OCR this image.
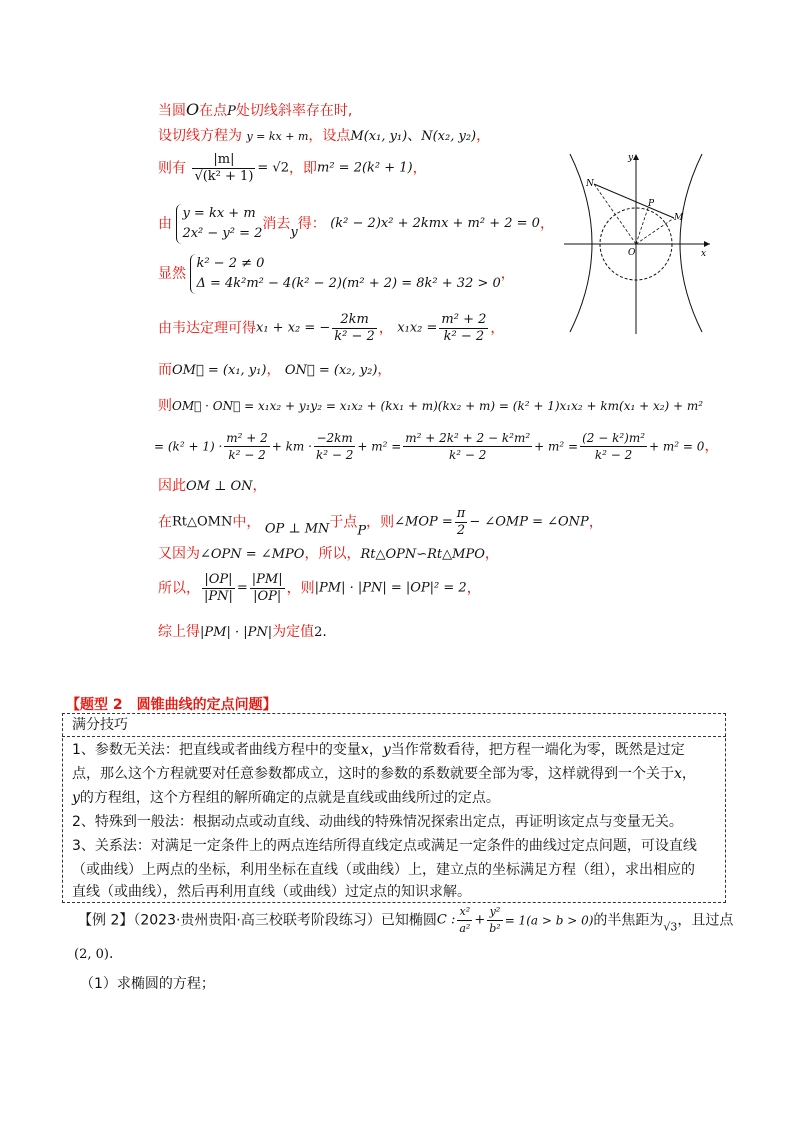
当圆O在点P处切线斜率存在时,
设切线方程为 y = kx + m，设点M(x₁, y₁)、N(x₂, y₂)，
则有 $\frac{|m|}{\text{√(k² + 1)}} = √2$，即m² = 2(k² + 1)，
由
y = kx + m
2x² − y² = 2
消去y得： (k² − 2)x² + 2kmx + m² + 2 = 0，
显然
k² − 2 ≠ 0
Δ = 4k²m² − 4(k² − 2)(m² + 2) = 8k² + 32 > 0
，
由韦达定理可得x₁ + x₂ = − $\frac{2km}{\text{k² − 2}}$ ， $x_1x_2 = \frac{\text{m² + 2}}{\text{k² − 2}}$ ，
而OM⃗ = (x₁, y₁)， ON⃗ = (x₂, y₂)，
则OM⃗ · ON⃗ = x₁x₂ + y₁y₂ = x₁x₂ + (kx₁ + m)(kx₂ + m) = (k² + 1)x₁x₂ + km(x₁ + x₂) + m²
= $(k^2 + 1) \cdot \frac{\text{m² + 2}}{\text{k² − 2}}$ + km · $\frac{-2km}{\text{k² − 2}} + m^2 = \frac{\text{m² + 2k² + 2 − k²m²}}{\text{k² − 2}} + m^2 = \frac{\text{(2 − k²)m²}}{\text{k² − 2}} + m^2 = 0$，
因此OM ⊥ ON，
在Rt△OMN中， OP ⊥ MN于点P，则∠MOP = $\frac{\pi}{2}$ − ∠OMP = ∠ONP，
又因为∠OPN = ∠MPO，所以，Rt△OPN∽Rt△MPO，
所以， $\frac{|OP|}{|PN|} = \frac{|PM|}{|OP|}$ ，则|PM| · |PN| = |OP|² = 2，
综上得|PM| · |PN|为定值2.
x
y
O
N
P
M
【题型 2　圆锥曲线的定点问题】
满分技巧
1、参数无关法：把直线或者曲线方程中的变量x，y当作常数看待，把方程一端化为零，既然是过定
点，那么这个方程就要对任意参数都成立，这时的参数的系数就要全部为零，这样就得到一个关于x，
y的方程组，这个方程组的解所确定的点就是直线或曲线所过的定点。
2、特殊到一般法：根据动点或动直线、动曲线的特殊情况探索出定点，再证明该定点与变量无关。
3、关系法：对满足一定条件上的两点连结所得直线定点或满足一定条件的曲线过定点问题，可设直线
（或曲线）上两点的坐标，利用坐标在直线（或曲线）上，建立点的坐标满足方程（组），求出相应的
直线（或曲线），然后再利用直线（或曲线）过定点的知识求解。
【例 2】（2023·贵州贵阳·高三校联考阶段练习）已知椭圆C : $\frac{\text{x²}}{\text{a²}} + \frac{\text{y²}}{\text{b²}} = 1(a > b > 0)$的半焦距为$_{√3}$，且过点
(2, 0).
（1）求椭圆的方程；
